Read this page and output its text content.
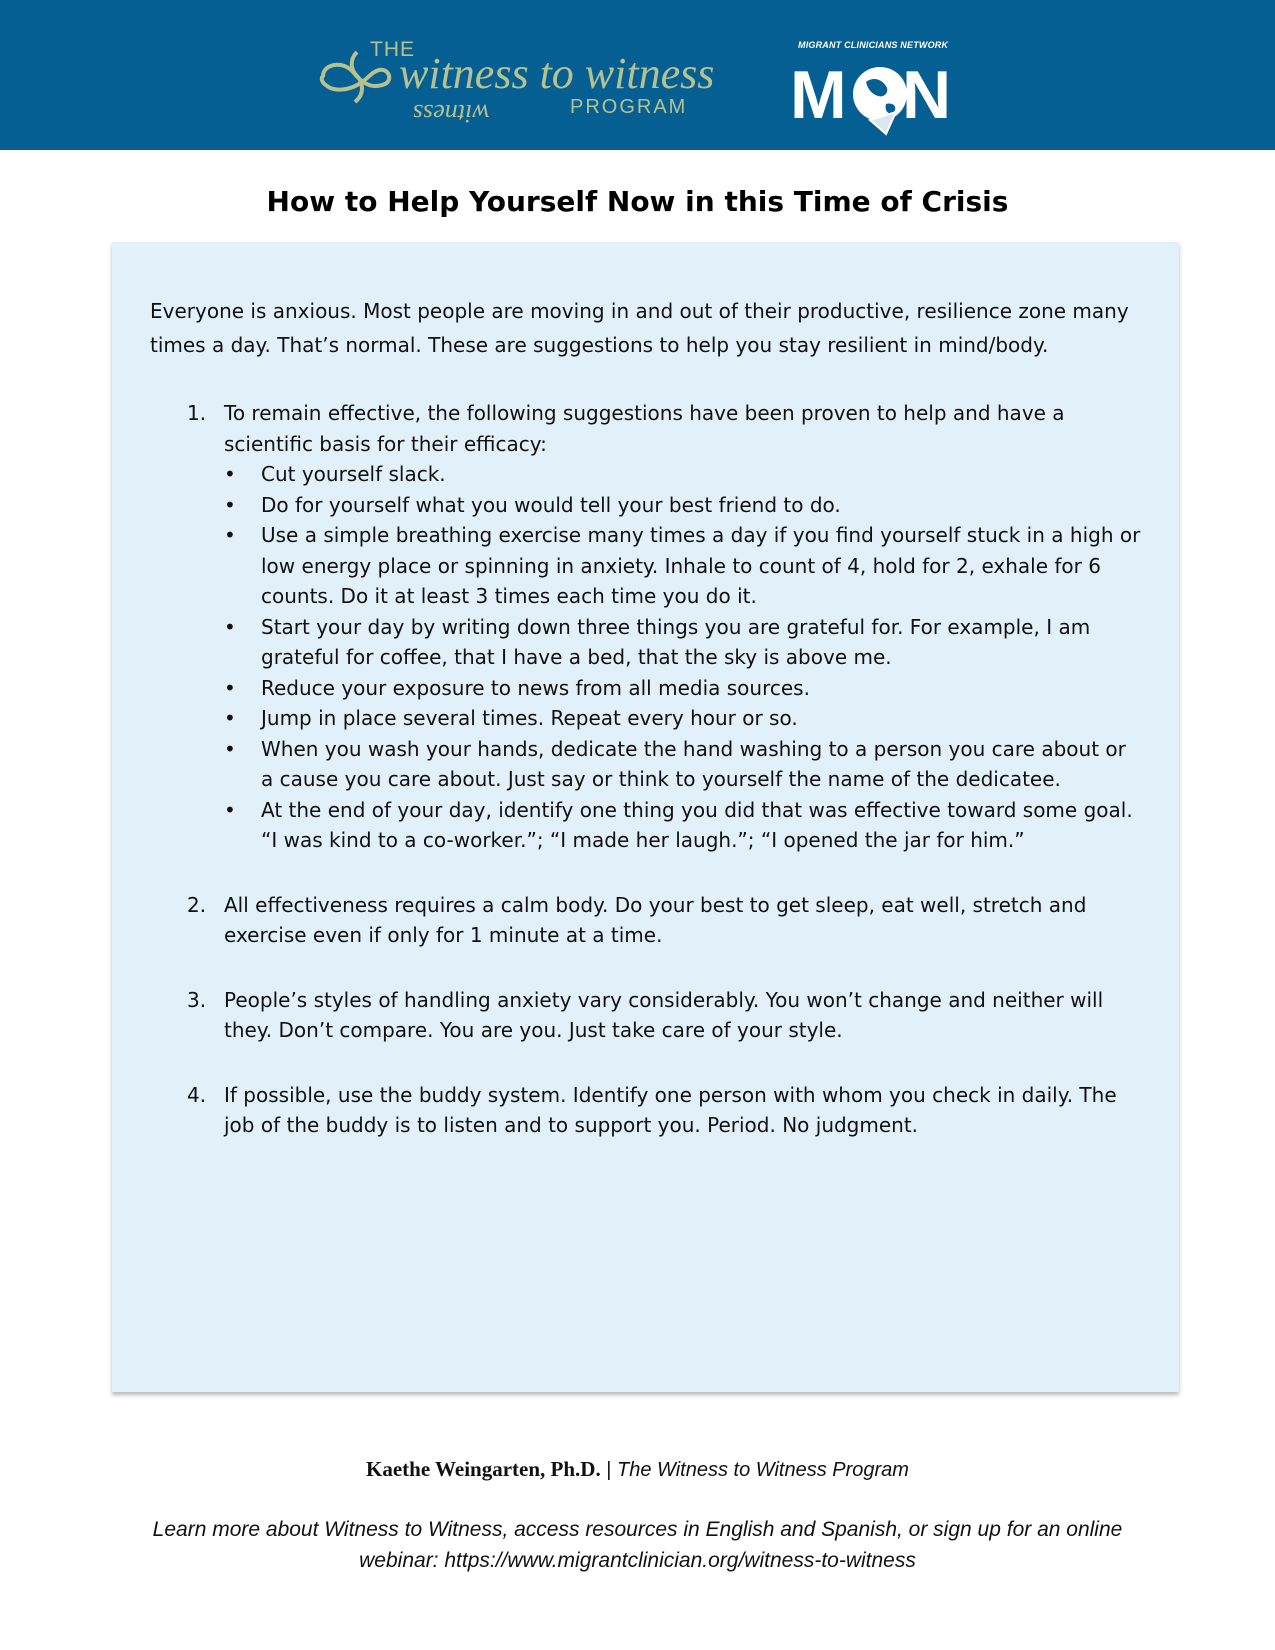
THE
witness to witness
witness	PROGRAM
MIGRANT CLINICIANS NETWORK
M N
How to Help Yourself Now in this Time of Crisis

Everyone is anxious. Most people are moving in and out of their productive, resilience zone many times a day. That’s normal. These are suggestions to help you stay resilient in mind/body.

1. To remain effective, the following suggestions have been proven to help and have a scientific basis for their efficacy:
• Cut yourself slack.
• Do for yourself what you would tell your best friend to do.
• Use a simple breathing exercise many times a day if you find yourself stuck in a high or low energy place or spinning in anxiety. Inhale to count of 4, hold for 2, exhale for 6 counts. Do it at least 3 times each time you do it.
• Start your day by writing down three things you are grateful for. For example, I am grateful for coffee, that I have a bed, that the sky is above me.
• Reduce your exposure to news from all media sources.
• Jump in place several times. Repeat every hour or so.
• When you wash your hands, dedicate the hand washing to a person you care about or a cause you care about. Just say or think to yourself the name of the dedicatee.
• At the end of your day, identify one thing you did that was effective toward some goal. “I was kind to a co-worker.”; “I made her laugh.”; “I opened the jar for him.”
2. All effectiveness requires a calm body. Do your best to get sleep, eat well, stretch and exercise even if only for 1 minute at a time.
3. People’s styles of handling anxiety vary considerably. You won’t change and neither will they. Don’t compare. You are you. Just take care of your style.
4. If possible, use the buddy system. Identify one person with whom you check in daily. The job of the buddy is to listen and to support you. Period. No judgment.
Kaethe Weingarten, Ph.D. | The Witness to Witness Program
Learn more about Witness to Witness, access resources in English and Spanish, or sign up for an online webinar: https://www.migrantclinician.org/witness-to-witness
